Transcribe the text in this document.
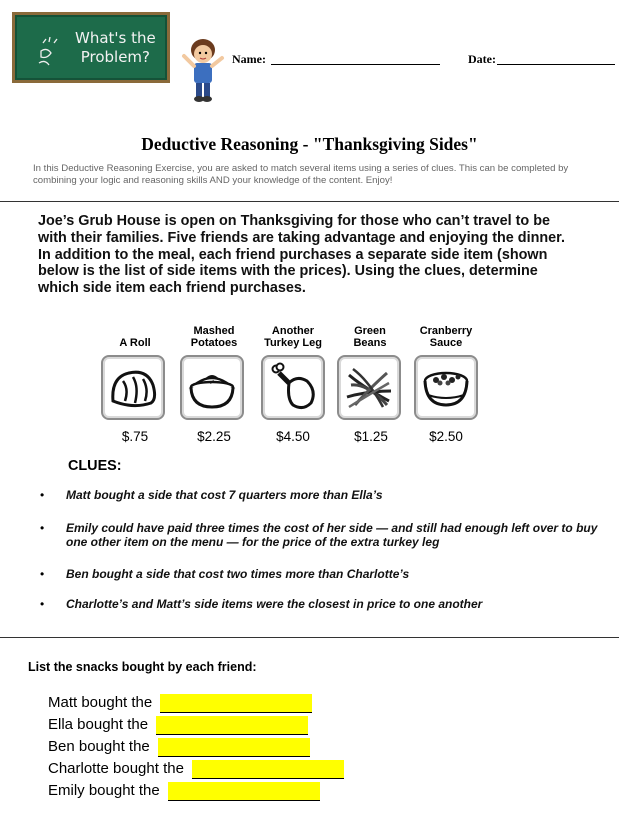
What's the
Problem?	Name:	Date:
Deductive Reasoning - "Thanksgiving Sides"
In this Deductive Reasoning Exercise, you are asked to match several items using a series of clues. This can be completed by combining your logic and reasoning skills AND your knowledge of the content. Enjoy!
Joe’s Grub House is open on Thanksgiving for those who can’t travel to be with their families. Five friends are taking advantage and enjoying the dinner. In addition to the meal, each friend purchases a separate side item (shown below is the list of side items with the prices). Using the clues, determine which side item each friend purchases.
A Roll
Mashed
Potatoes
Another
Turkey Leg
Green
Beans
Cranberry
Sauce
$.75	$2.25	$4.50	$1.25	$2.50
CLUES:
• Matt bought a side that cost 7 quarters more than Ella’s
• Emily could have paid three times the cost of her side — and still had enough left over to buy one other item on the menu — for the price of the extra turkey leg
• Ben bought a side that cost two times more than Charlotte’s
• Charlotte’s and Matt’s side items were the closest in price to one another
List the snacks bought by each friend:
Matt bought the
Ella bought the
Ben bought the
Charlotte bought the
Emily bought the
